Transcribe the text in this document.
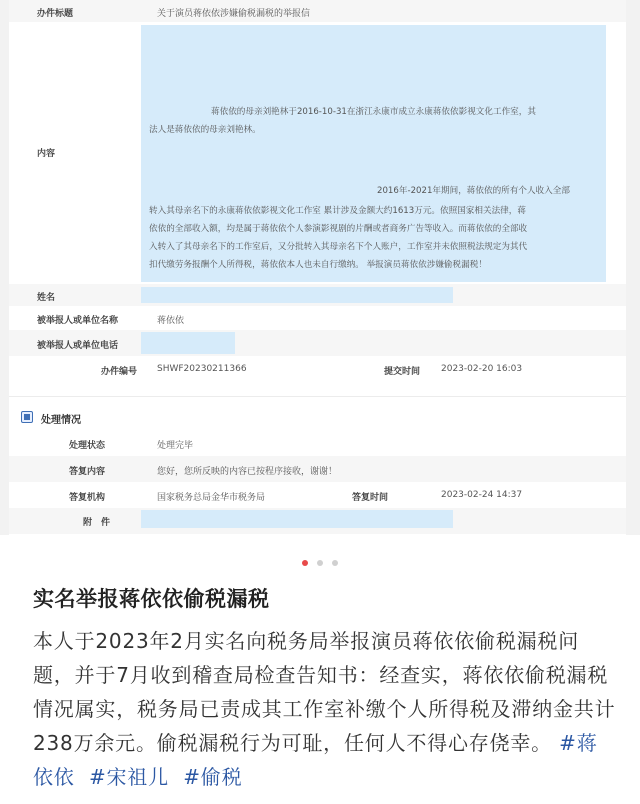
办件标题	关于演员蒋依依涉嫌偷税漏税的举报信
内容
蒋依依的母亲刘艳林于2016-10-31在浙江永康市成立永康蒋依依影视文化工作室，其
法人是蒋依依的母亲刘艳林。
2016年-2021年期间，蒋依依的所有个人收入全部
转入其母亲名下的永康蒋依依影视文化工作室 累计涉及金额大约1613万元。依照国家相关法律，蒋
依依的全部收入额，均是属于蒋依依个人参演影视剧的片酬或者商务广告等收入。而蒋依依的全部收
入转入了其母亲名下的工作室后，又分批转入其母亲名下个人账户，工作室并未依照税法规定为其代
扣代缴劳务报酬个人所得税，蒋依依本人也未自行缴纳。 举报演员蒋依依涉嫌偷税漏税！
姓名
被举报人或单位名称	蒋依依
被举报人或单位电话
办件编号 SHWF20230211366	提交时间 2023-02-20 16:03
处理情况
处理状态	处理完毕
答复内容	您好，您所反映的内容已按程序接收，谢谢！
答复机构	国家税务总局金华市税务局	答复时间	2023-02-24 14:37
附　件

实名举报蒋依依偷税漏税
本人于2023年2月实名向税务局举报演员蒋依依偷税漏税问题，并于7月收到稽查局检查告知书：经查实，蒋依依偷税漏税情况属实，税务局已责成其工作室补缴个人所得税及滞纳金共计238万余元。偷税漏税行为可耻，任何人不得心存侥幸。 #蒋依依 #宋祖儿 #偷税
